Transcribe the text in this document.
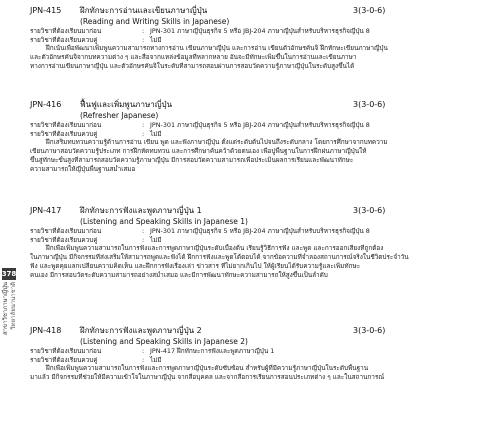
378
สาขาวิชาภาษาญี่ปุ่น วิทยาลัยนานาชาติ
JPN-415 ฝึกทักษะการอ่านและเขียนภาษาญี่ปุ่น	3(3-0-6)
(Reading and Writing Skills in Japanese)
รายวิชาที่ต้องเรียนมาก่อน	: JPN-301 ภาษาญี่ปุ่นธุรกิจ 5 หรือ JBJ-204 ภาษาญี่ปุ่นสำหรับบริหารธุรกิจญี่ปุ่น 8
รายวิชาที่ต้องเรียนควบคู่	: ไม่มี

ฝึกเน้นเพื่อพัฒนาเพิ่มพูนความสามารถทางการอ่าน เขียนภาษาญี่ปุ่น และการอ่าน เขียนตัวอักษรคันจิ ฝึกทักษะเขียนภาษาญี่ปุ่น

และตัวอักษรคันจิจากบทความต่าง ๆ และสื่อจากแหล่งข้อมูลที่หลากหลาย อันจะมีทักษะเพิ่มขึ้นในการอ่านและเขียนภาษา

ทางการอ่านเขียนภาษาญี่ปุ่น และตัวอักษรคันจิในระดับที่สามารถสอบผ่านการสอบวัดความรู้ภาษาญี่ปุ่นในระดับสูงขึ้นได้

JPN-416 ฟื้นฟูและเพิ่มพูนภาษาญี่ปุ่น	3(3-0-6)
(Refresher Japanese)
รายวิชาที่ต้องเรียนมาก่อน	: JPN-301 ภาษาญี่ปุ่นธุรกิจ 5 หรือ JBJ-204 ภาษาญี่ปุ่นสำหรับบริหารธุรกิจญี่ปุ่น 8
รายวิชาที่ต้องเรียนควบคู่	: ไม่มี

ฝึกเสริมทบทวนความรู้ด้านการอ่าน เขียน พูด และฟังภาษาญี่ปุ่น ตั้งแต่ระดับต้นไปจนถึงระดับกลาง โดยการศึกษาจากบทความ

เขียนภาษาสอบวัดความรู้ประเภท การฝึกหัดทบทวน และการศึกษาค้นคว้าด้วยตนเอง เพื่อปูพื้นฐานในการฝึกฝนภาษาญี่ปุ่นให้

ขึ้นสู่ทักษะขั้นสูงที่สามารถสอบวัดความรู้ภาษาญี่ปุ่น มีการสอบวัดความสามารถเพื่อประเมินผลการเรียนและพัฒนาทักษะ

ความสามารถให้ญี่ปุ่นพื้นฐานสม่ำเสมอ

JPN-417 ฝึกทักษะการฟังและพูดภาษาญี่ปุ่น 1	3(3-0-6)
(Listening and Speaking Skills in Japanese 1)
รายวิชาที่ต้องเรียนมาก่อน	: JPN-301 ภาษาญี่ปุ่นธุรกิจ 5 หรือ JBJ-204 ภาษาญี่ปุ่นสำหรับบริหารธุรกิจญี่ปุ่น 8
รายวิชาที่ต้องเรียนควบคู่	: ไม่มี

ฝึกเพื่อเพิ่มพูนความสามารถในการฟังและการพูดภาษาญี่ปุ่นระดับเบื้องต้น เรียนรู้วิธีการฟัง และพูด และการออกเสียงที่ถูกต้อง

ในภาษาญี่ปุ่น มีกิจกรรมที่ส่งเสริมให้สามารถพูดและฟังได้ ฝึกการฟังและพูดโต้ตอบได้ จากข้อความที่จำลองสถานการณ์จริงในชีวิตประจำวัน

ฟัง และพูดคุยแลกเปลี่ยนความคิดเห็น และฝึกการฟังเรื่องเล่า ข่าวสาร ที่ไม่ยากเกินไป ให้ผู้เรียนได้รับความรู้และเพิ่มทักษะ

คนเอง มีการสอบวัดระดับความสามารถอย่างสม่ำเสมอ และมีการพัฒนาทักษะความสามารถให้สูงขึ้นเป็นลำดับ

JPN-418 ฝึกทักษะการฟังและพูดภาษาญี่ปุ่น 2	3(3-0-6)
(Listening and Speaking Skills in Japanese 2)
รายวิชาที่ต้องเรียนมาก่อน	: JPN-417 ฝึกทักษะการฟังและพูดภาษาญี่ปุ่น 1
รายวิชาที่ต้องเรียนควบคู่	: ไม่มี

ฝึกเพื่อเพิ่มพูนความสามารถในการฟังและการพูดภาษาญี่ปุ่นระดับซับซ้อน สำหรับผู้ที่มีความรู้ภาษาญี่ปุ่นในระดับพื้นฐาน

มาแล้ว มีกิจกรรมที่ช่วยให้มีความเข้าใจในภาษาญี่ปุ่น จากสื่อบุคคล และจากสื่อการเรียนการสอนประเภทต่าง ๆ และในสถานการณ์
